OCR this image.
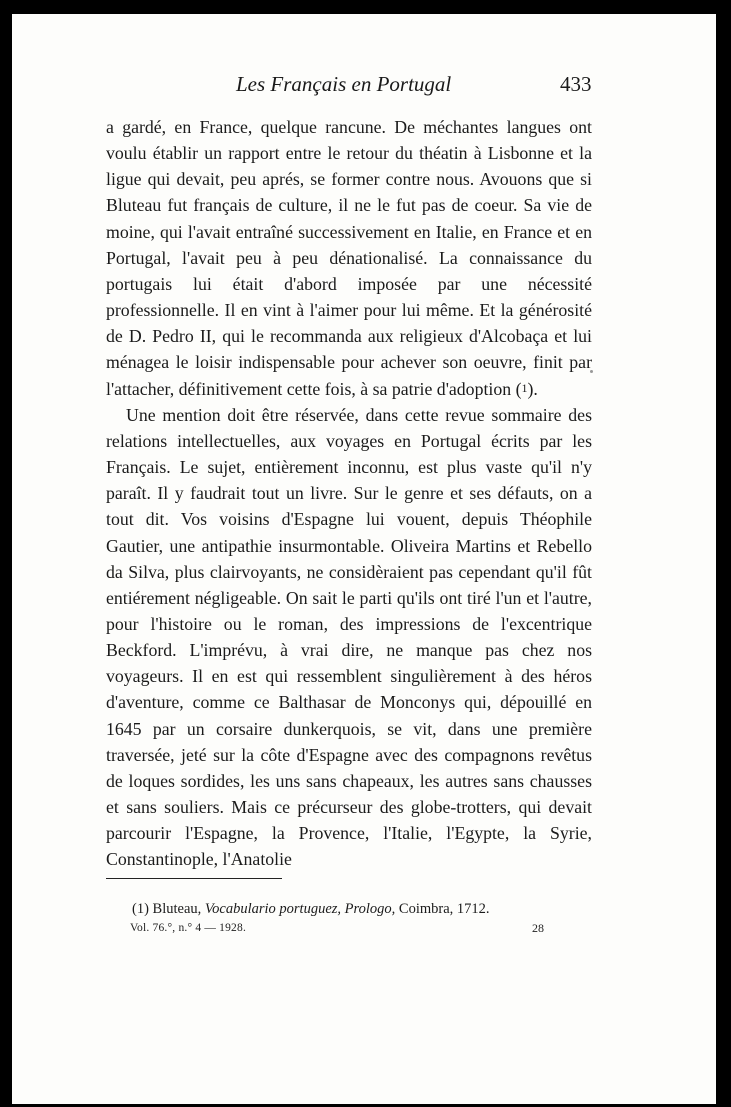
Les Français en Portugal	433

a gardé, en France, quelque rancune. De méchantes langues ont voulu établir un rapport entre le retour du théatin à Lisbonne et la ligue qui devait, peu aprés, se former contre nous. Avouons que si Bluteau fut français de culture, il ne le fut pas de coeur. Sa vie de moine, qui l'avait entraîné successivement en Italie, en France et en Portugal, l'avait peu à peu dénationalisé. La connaissance du portugais lui était d'abord imposée par une nécessité professionnelle. Il en vint à l'aimer pour lui même. Et la générosité de D. Pedro II, qui le recommanda aux religieux d'Alcobaça et lui ménagea le loisir indispensable pour achever son oeuvre, finit par l'attacher, définitivement cette fois, à sa patrie d'adoption ($^1$).

Une mention doit être réservée, dans cette revue sommaire des relations intellectuelles, aux voyages en Portugal écrits par les Français. Le sujet, entièrement inconnu, est plus vaste qu'il n'y paraît. Il y faudrait tout un livre. Sur le genre et ses défauts, on a tout dit. Vos voisins d'Espagne lui vouent, depuis Théophile Gautier, une antipathie insurmontable. Oliveira Martins et Rebello da Silva, plus clairvoyants, ne considèraient pas cependant qu'il fût entiérement négligeable. On sait le parti qu'ils ont tiré l'un et l'autre, pour l'histoire ou le roman, des impressions de l'excentrique Beckford. L'imprévu, à vrai dire, ne manque pas chez nos voyageurs. Il en est qui ressemblent singulièrement à des héros d'aventure, comme ce Balthasar de Monconys qui, dépouillé en 1645 par un corsaire dunkerquois, se vit, dans une première traversée, jeté sur la côte d'Espagne avec des compagnons revêtus de loques sordides, les uns sans chapeaux, les autres sans chausses et sans souliers. Mais ce précurseur des globe-trotters, qui devait parcourir l'Espagne, la Provence, l'Italie, l'Egypte, la Syrie, Constantinople, l'Anatolie

(1) Bluteau, Vocabulario portuguez, Prologo, Coimbra, 1712.
Vol. 76.°, n.° 4 — 1928.	28
